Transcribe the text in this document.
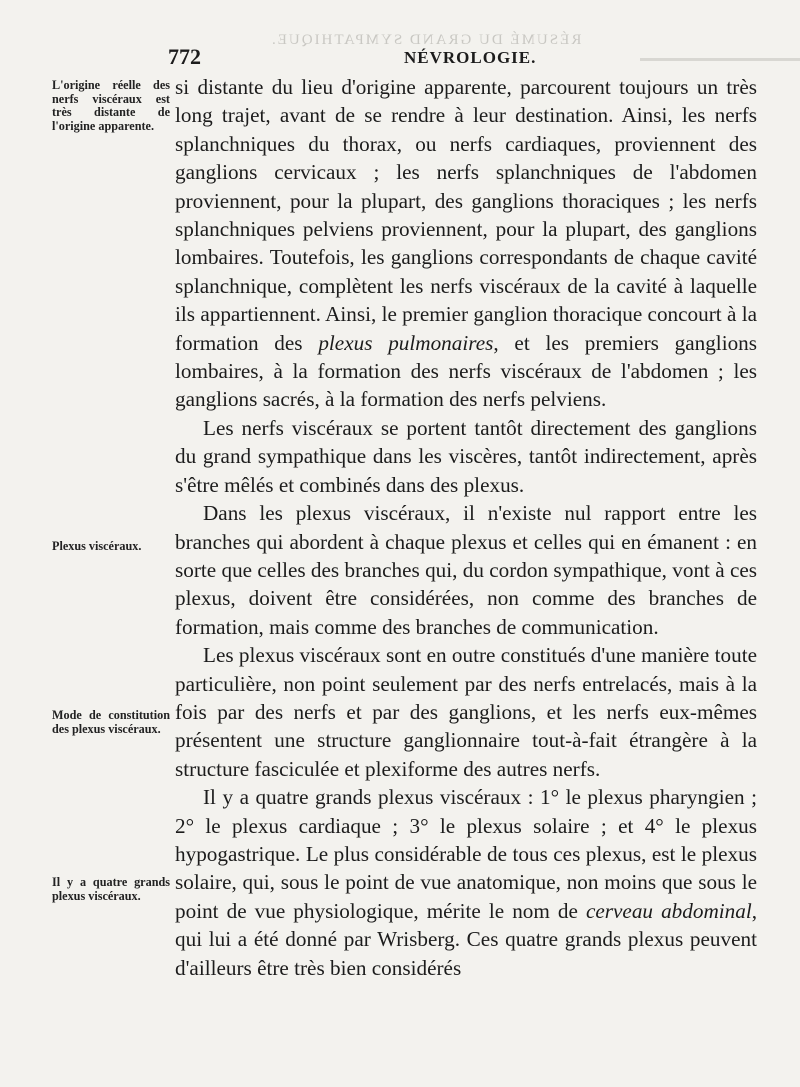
RÉSUMÉ DU GRAND SYMPATHIQUE.
772	NÉVROLOGIE.
L'origine réelle des nerfs viscéraux est très distante de l'origine apparente.
Plexus viscéraux.
Mode de constitution des plexus viscéraux.
Il y a quatre grands plexus viscéraux.

si distante du lieu d'origine apparente, parcourent toujours un très long trajet, avant de se rendre à leur destination. Ainsi, les nerfs splanchniques du thorax, ou nerfs cardiaques, proviennent des ganglions cervicaux ; les nerfs splanchniques de l'abdomen proviennent, pour la plupart, des ganglions thoraciques ; les nerfs splanchniques pelviens proviennent, pour la plupart, des ganglions lombaires. Toutefois, les ganglions correspondants de chaque cavité splanchnique, complètent les nerfs viscéraux de la cavité à laquelle ils appartiennent. Ainsi, le premier ganglion thoracique concourt à la formation des plexus pulmonaires, et les premiers ganglions lombaires, à la formation des nerfs viscéraux de l'abdomen ; les ganglions sacrés, à la formation des nerfs pelviens.

Les nerfs viscéraux se portent tantôt directement des ganglions du grand sympathique dans les viscères, tantôt indirectement, après s'être mêlés et combinés dans des plexus.

Dans les plexus viscéraux, il n'existe nul rapport entre les branches qui abordent à chaque plexus et celles qui en émanent : en sorte que celles des branches qui, du cordon sympathique, vont à ces plexus, doivent être considérées, non comme des branches de formation, mais comme des branches de communication.

Les plexus viscéraux sont en outre constitués d'une manière toute particulière, non point seulement par des nerfs entrelacés, mais à la fois par des nerfs et par des ganglions, et les nerfs eux-mêmes présentent une structure ganglionnaire tout-à-fait étrangère à la structure fasciculée et plexiforme des autres nerfs.

Il y a quatre grands plexus viscéraux : 1° le plexus pharyngien ; 2° le plexus cardiaque ; 3° le plexus solaire ; et 4° le plexus hypogastrique. Le plus considérable de tous ces plexus, est le plexus solaire, qui, sous le point de vue anatomique, non moins que sous le point de vue physiologique, mérite le nom de cerveau abdominal, qui lui a été donné par Wrisberg. Ces quatre grands plexus peuvent d'ailleurs être très bien considérés
